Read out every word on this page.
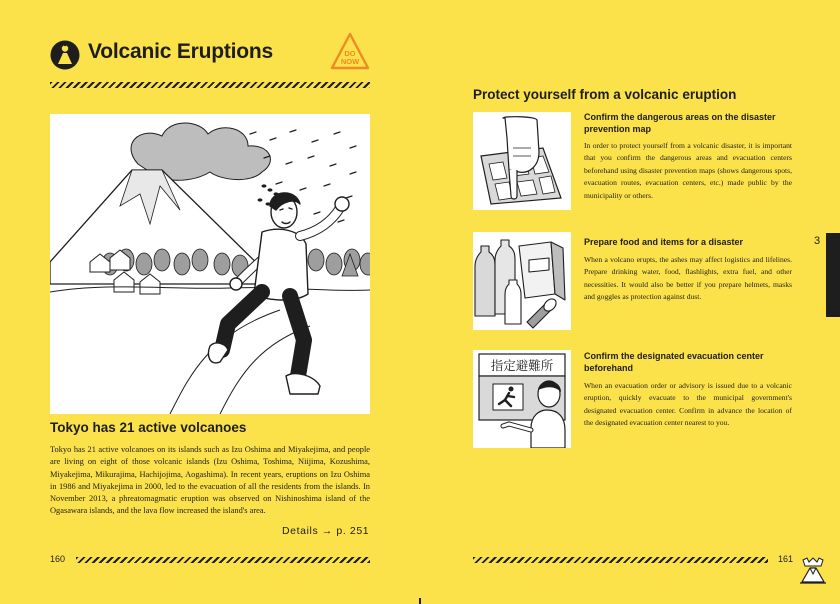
Volcanic Eruptions	DO
NOW
Tokyo has 21 active volcanoes
Tokyo has 21 active volcanoes on its islands such as Izu Oshima and Miyakejima, and people are living on eight of those volcanic islands (Izu Oshima, Toshima, Niijima, Kozushima, Miyakejima, Mikurajima, Hachijojima, Aogashima). In recent years, eruptions on Izu Oshima in 1986 and Miyakejima in 2000, led to the evacuation of all the residents from the islands. In November 2013, a phreatomagmatic eruption was observed on Nishinoshima island of the Ogasawara islands, and the lava flow increased the island's area.
Details → p. 251
160
Protect yourself from a volcanic eruption
Confirm the dangerous areas on the disaster prevention map
In order to protect yourself from a volcanic disaster, it is important that you confirm the dangerous areas and evacuation centers beforehand using disaster prevention maps (shows dangerous spots, evacuation routes, evacuation centers, etc.) made public by the municipality or others.
Prepare food and items for a disaster
When a volcano erupts, the ashes may affect logistics and lifelines. Prepare drinking water, food, flashlights, extra fuel, and other necessities. It would also be better if you prepare helmets, masks and goggles as protection against dust.
指定避難所
Confirm the designated evacuation center beforehand
When an evacuation order or advisory is issued due to a volcanic eruption, quickly evacuate to the municipal government's designated evacuation center. Confirm in advance the location of the designated evacuation center nearest to you.
3
161
